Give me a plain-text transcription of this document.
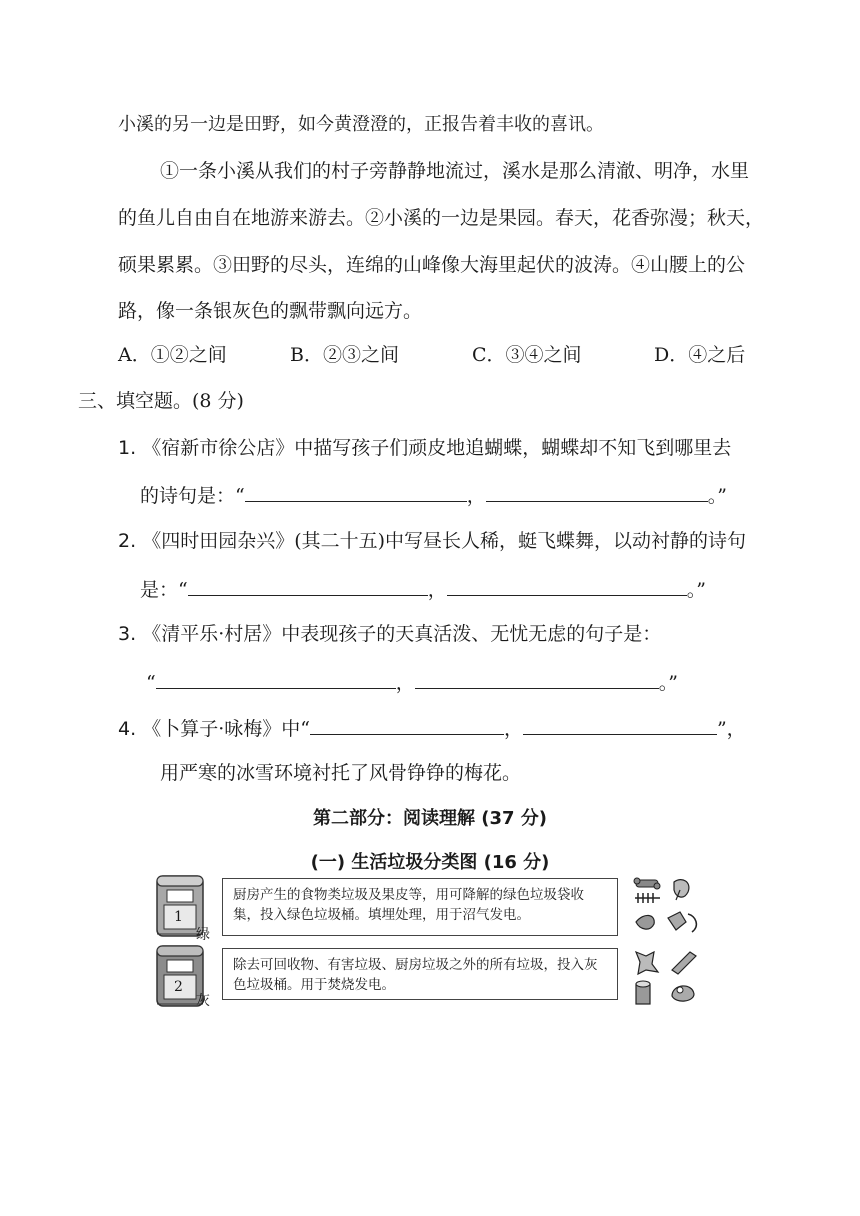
小溪的另一边是田野，如今黄澄澄的，正报告着丰收的喜讯。
①一条小溪从我们的村子旁静静地流过，溪水是那么清澈、明净，水里
的鱼儿自由自在地游来游去。②小溪的一边是果园。春天，花香弥漫；秋天，
硕果累累。③田野的尽头，连绵的山峰像大海里起伏的波涛。④山腰上的公
路，像一条银灰色的飘带飘向远方。
A．①②之间	B．②③之间	C．③④之间	D．④之后
三、填空题。(8 分)
1. 《宿新市徐公店》中描写孩子们顽皮地追蝴蝶，蝴蝶却不知飞到哪里去
的诗句是：“	，	。”
2. 《四时田园杂兴》(其二十五)中写昼长人稀，蜓飞蝶舞，以动衬静的诗句
是：“	，	。”
3. 《清平乐·村居》中表现孩子的天真活泼、无忧无虑的句子是：
“	，	。”
4. 《卜算子·咏梅》中“	，	”，
用严寒的冰雪环境衬托了风骨铮铮的梅花。
第二部分：阅读理解 (37 分)
(一) 生活垃圾分类图 (16 分)
1
绿
厨房产生的食物类垃圾及果皮等，用可降解的绿色垃圾袋收集，投入绿色垃圾桶。填埋处理，用于沼气发电。
2
灰
除去可回收物、有害垃圾、厨房垃圾之外的所有垃圾，投入灰色垃圾桶。用于焚烧发电。
